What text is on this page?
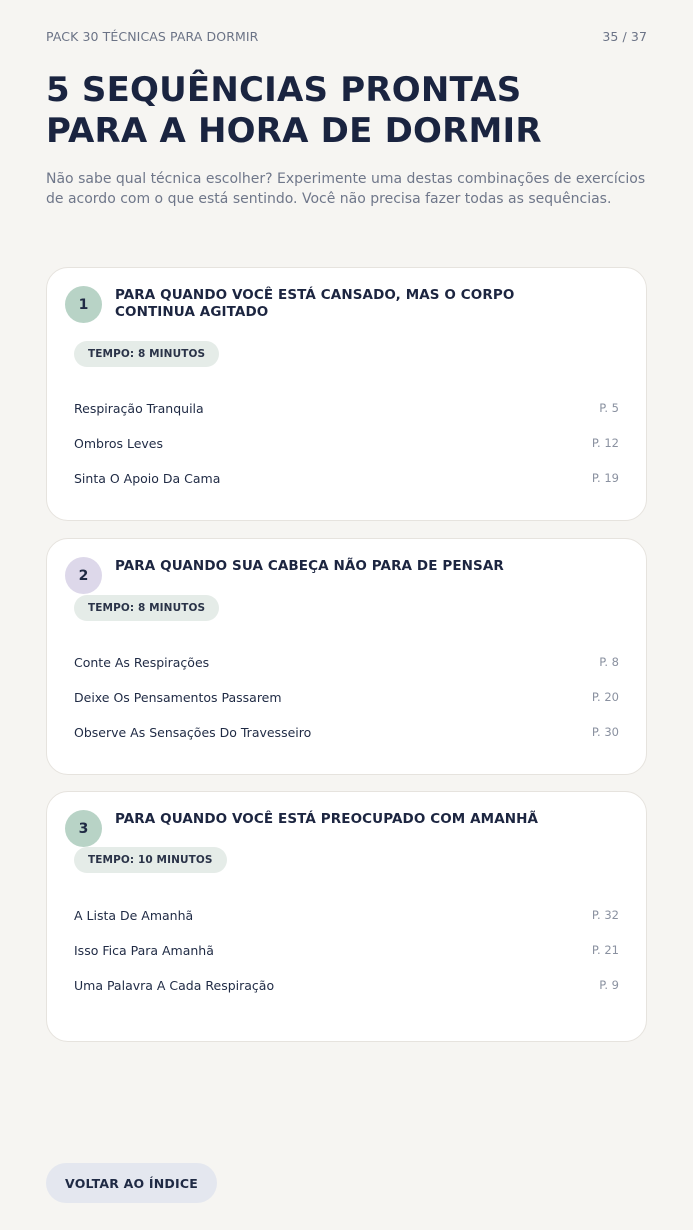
PACK 30 TÉCNICAS PARA DORMIR	35 / 37
5 SEQUÊNCIAS PRONTAS
PARA A HORA DE DORMIR

Não sabe qual técnica escolher? Experimente uma destas combinações de exercícios de acordo com o que está sentindo. Você não precisa fazer todas as sequências.

1
PARA QUANDO VOCÊ ESTÁ CANSADO, MAS O CORPO CONTINUA AGITADO
TEMPO: 8 MINUTOS
Respiração Tranquila	P. 5
Ombros Leves	P. 12
Sinta O Apoio Da Cama	P. 19
2
PARA QUANDO SUA CABEÇA NÃO PARA DE PENSAR
TEMPO: 8 MINUTOS
Conte As Respirações	P. 8
Deixe Os Pensamentos Passarem	P. 20
Observe As Sensações Do Travesseiro	P. 30
3
PARA QUANDO VOCÊ ESTÁ PREOCUPADO COM AMANHÃ
TEMPO: 10 MINUTOS
A Lista De Amanhã	P. 32
Isso Fica Para Amanhã	P. 21
Uma Palavra A Cada Respiração	P. 9
VOLTAR AO ÍNDICE
